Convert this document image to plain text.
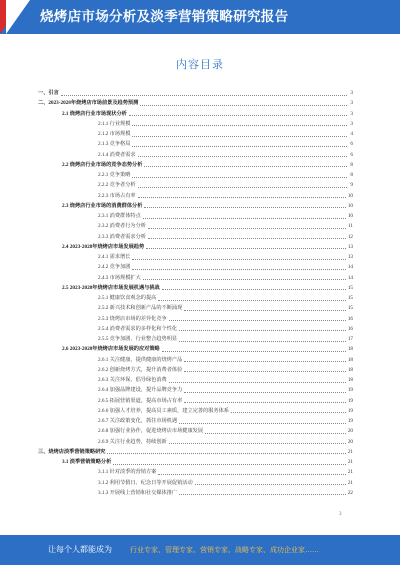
烧烤店市场分析及淡季营销策略研究报告
内容目录
一、引言	3
二、2023-2028年烧烤店市场前景及趋势预测	3
2.1 烧烤店行业市场现状分析	3
2.1.1 行业规模	3
2.1.2 市场规模	4
2.1.3 竞争格局	6
2.1.4 消费者需求	6
2.2 烧烤店行业市场的竞争态势分析	8
2.2.1 竞争策略	8
2.2.2 竞争者分析	9
2.2.3 市场占有率	10
2.3 烧烤店行业市场的消费群体分析	10
2.3.1 消费群体特点	10
2.3.2 消费者行为分析	11
2.3.3 消费者需求分析	12
2.4 2023-2028年烧烤店市场发展趋势	13
2.4.1 需求增长	13
2.4.2 竞争加剧	14
2.4.3 市场规模扩大	14
2.5 2023-2028年烧烤店市场发展机遇与挑战	15
2.5.1 健康饮食观念的提高	15
2.5.2 新兴技术和创新产品的不断涌现	15
2.5.3 烧烤店市场的差异化竞争	16
2.5.4 消费者需求的多样化和个性化	16
2.5.5 竞争加剧，行业整合趋势明显	17
2.6 2023-2028年烧烤店市场发展的应对策略	18
2.6.1 关注健康，提供健康的烧烤产品	18
2.6.2 创新烧烤方式，提升消费者体验	18
2.6.3 关注环保，倡导绿色消费	18
2.6.4 加强品牌建设，提升品牌竞争力	19
2.6.5 拓展营销渠道，提高市场占有率	19
2.6.6 加强人才培养，提高员工素质，建立完善的服务体系	19
2.6.7 关注政策变化，抓住市场机遇	19
2.6.8 加强行业协作，促进烧烤店市场健康发展	20
2.6.9 关注行业趋势，持续创新	20
三、烧烤店淡季营销策略研究	21
3.1 淡季营销策略分析	21
3.1.1 针对淡季的营销方案	21
3.1.2 利用节假日、纪念日等开展促销活动	21
3.1.3 开展线上营销和社交媒体推广	22
3
让每个人都能成为	行业专家、管理专家、营销专家、战略专家、成功企业家……
